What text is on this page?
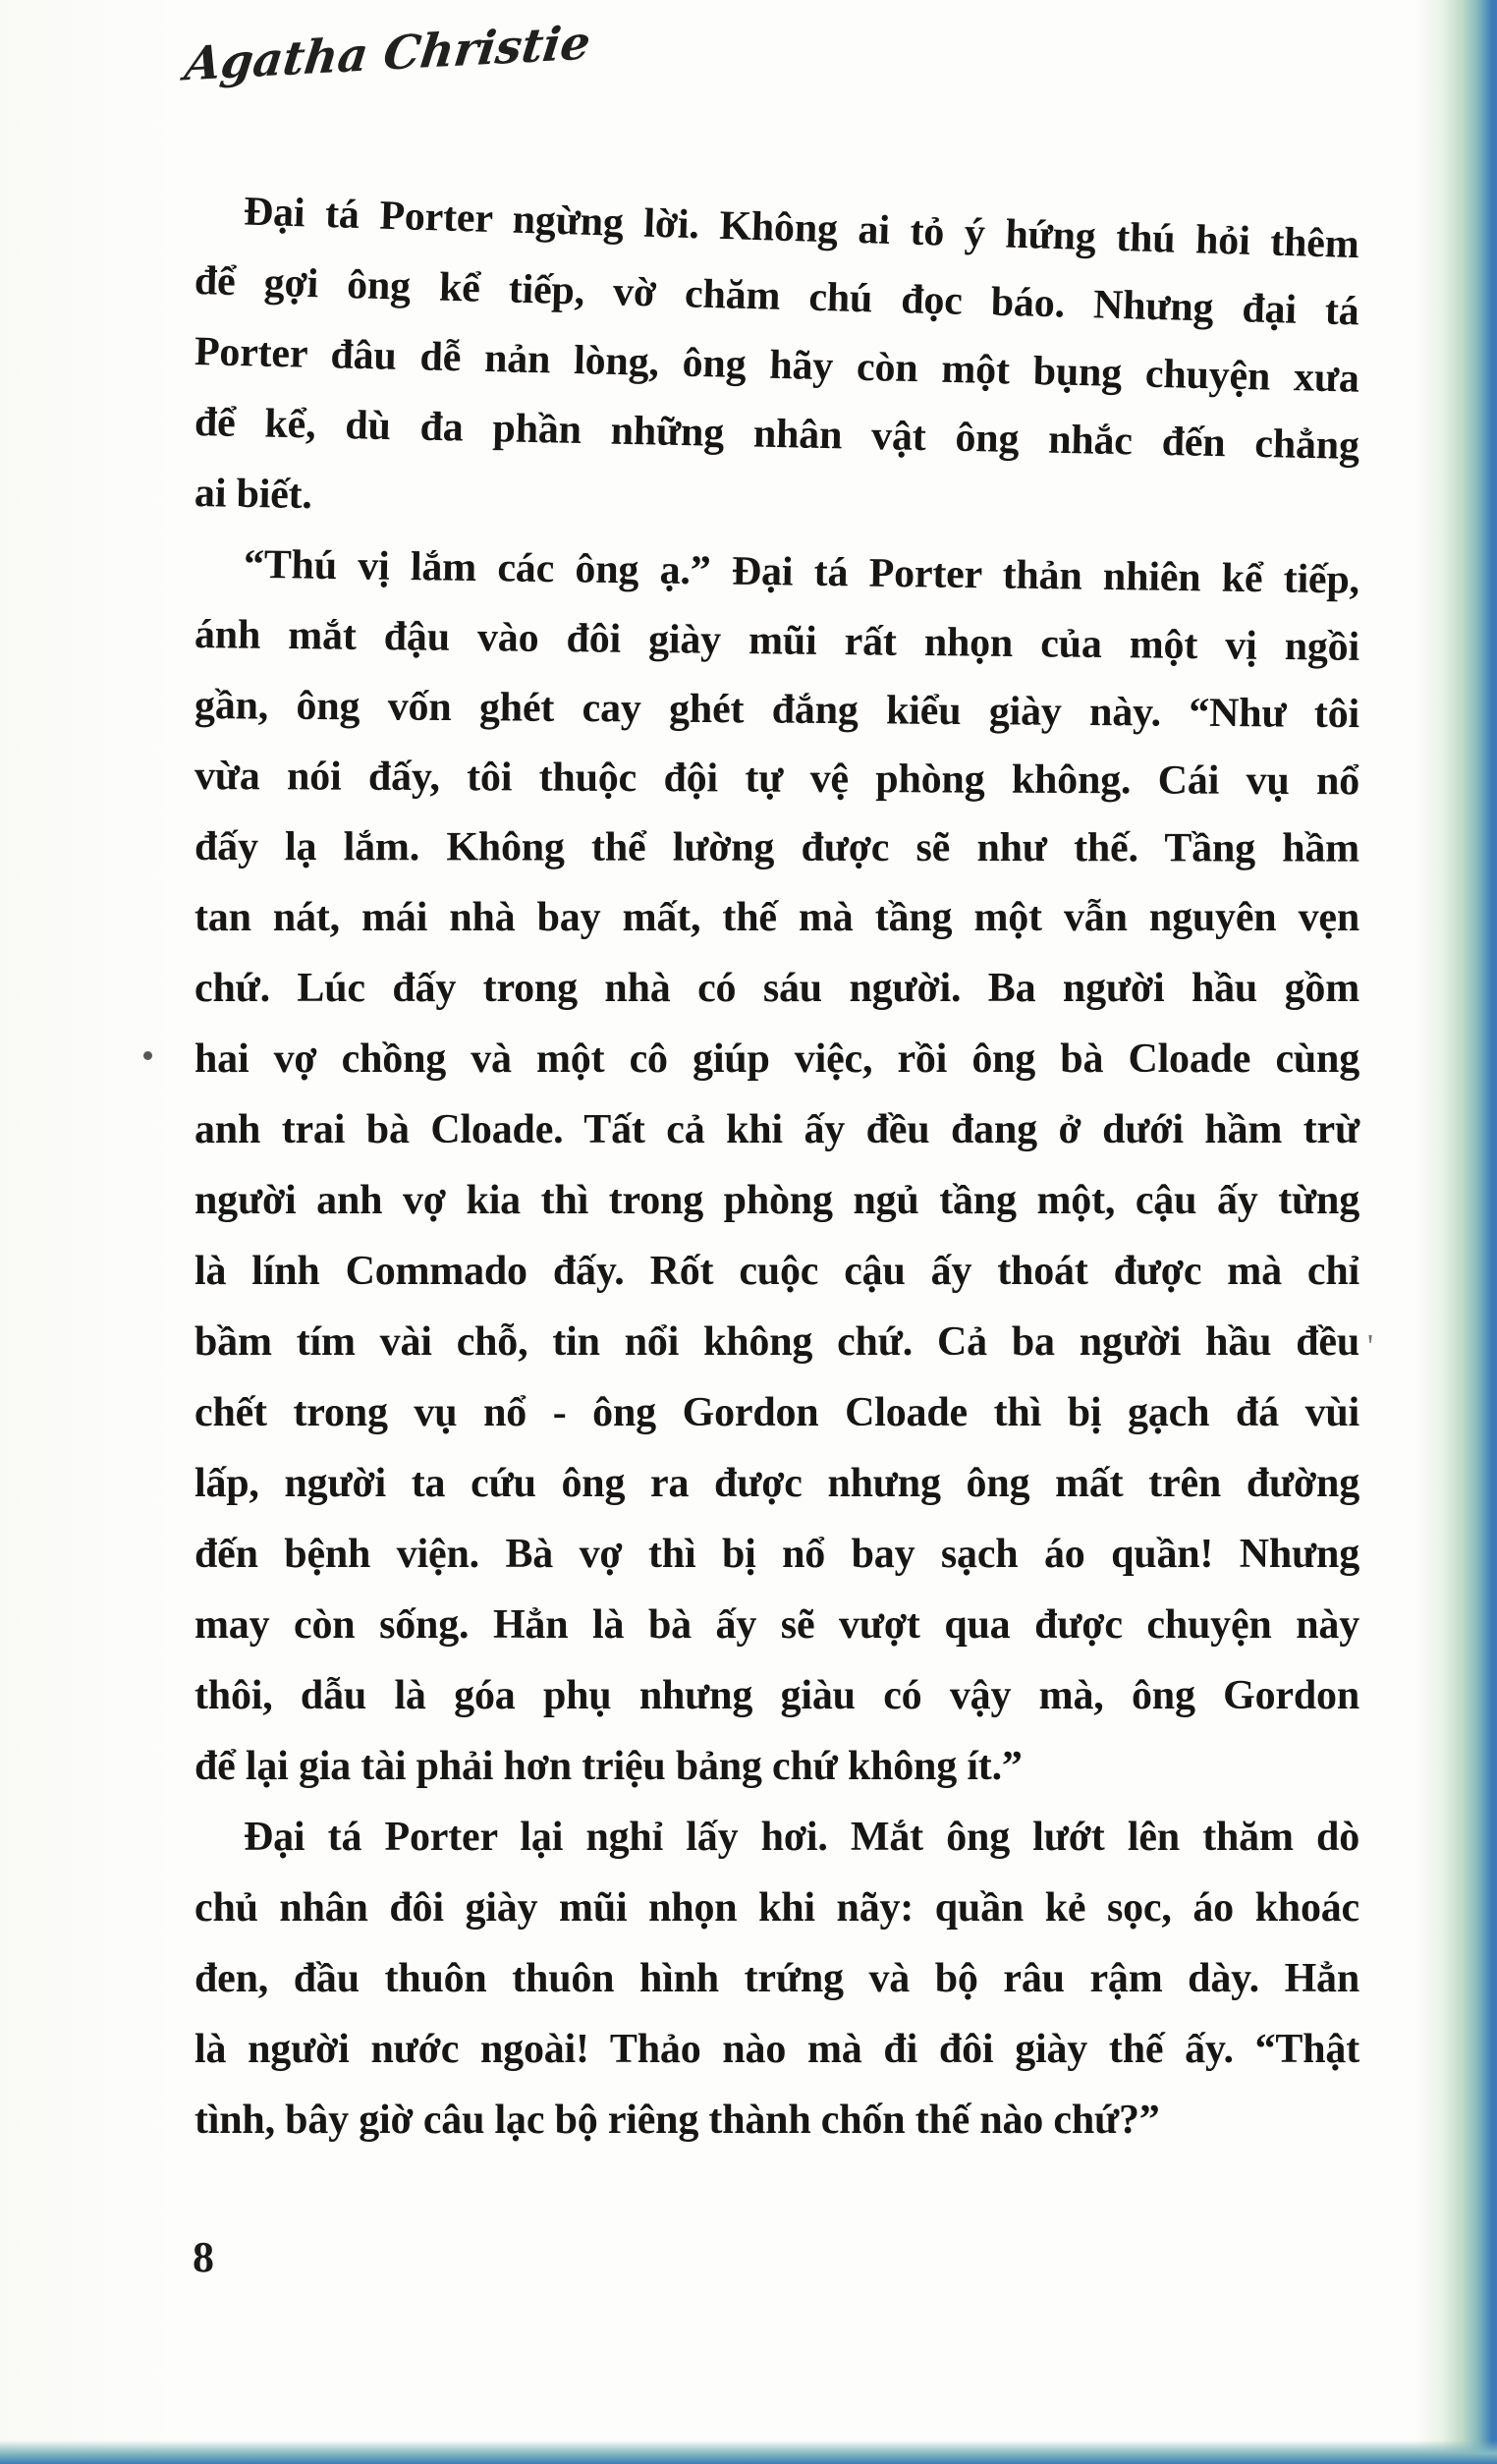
Agatha Christie
Đại tá Porter ngừng lời. Không ai tỏ ý hứng thú hỏi thêm
để gợi ông kể tiếp, vờ chăm chú đọc báo. Nhưng đại tá
Porter đâu dễ nản lòng, ông hãy còn một bụng chuyện xưa
để kể, dù đa phần những nhân vật ông nhắc đến chẳng
ai biết.
“Thú vị lắm các ông ạ.” Đại tá Porter thản nhiên kể tiếp,
ánh mắt đậu vào đôi giày mũi rất nhọn của một vị ngồi
gần, ông vốn ghét cay ghét đắng kiểu giày này. “Như tôi
vừa nói đấy, tôi thuộc đội tự vệ phòng không. Cái vụ nổ
đấy lạ lắm. Không thể lường được sẽ như thế. Tầng hầm
tan nát, mái nhà bay mất, thế mà tầng một vẫn nguyên vẹn
chứ. Lúc đấy trong nhà có sáu người. Ba người hầu gồm
hai vợ chồng và một cô giúp việc, rồi ông bà Cloade cùng
anh trai bà Cloade. Tất cả khi ấy đều đang ở dưới hầm trừ
người anh vợ kia thì trong phòng ngủ tầng một, cậu ấy từng
là lính Commado đấy. Rốt cuộc cậu ấy thoát được mà chỉ
bầm tím vài chỗ, tin nổi không chứ. Cả ba người hầu đều
chết trong vụ nổ - ông Gordon Cloade thì bị gạch đá vùi
lấp, người ta cứu ông ra được nhưng ông mất trên đường
đến bệnh viện. Bà vợ thì bị nổ bay sạch áo quần! Nhưng
may còn sống. Hẳn là bà ấy sẽ vượt qua được chuyện này
thôi, dẫu là góa phụ nhưng giàu có vậy mà, ông Gordon
để lại gia tài phải hơn triệu bảng chứ không ít.”
Đại tá Porter lại nghỉ lấy hơi. Mắt ông lướt lên thăm dò
chủ nhân đôi giày mũi nhọn khi nãy: quần kẻ sọc, áo khoác
đen, đầu thuôn thuôn hình trứng và bộ râu rậm dày. Hẳn
là người nước ngoài! Thảo nào mà đi đôi giày thế ấy. “Thật
tình, bây giờ câu lạc bộ riêng thành chốn thế nào chứ?”
8
'
